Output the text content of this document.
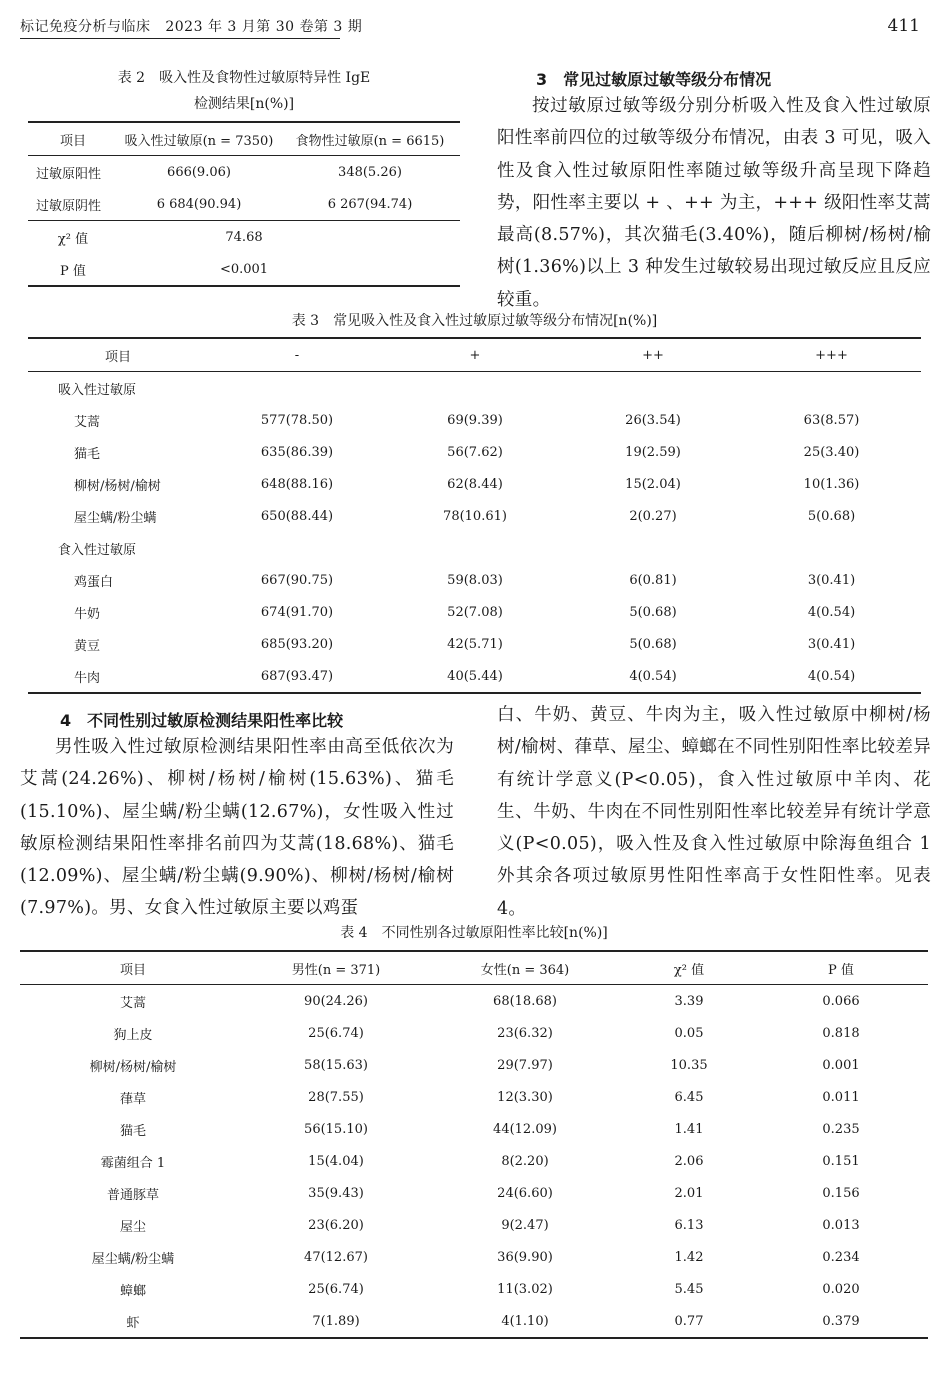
标记免疫分析与临床 2023 年 3 月第 30 卷第 3 期	411
表 2　吸入性及食物性过敏原特异性 IgE
检测结果[n(%)]
项目	吸入性过敏原(n = 7350)	食物性过敏原(n = 6615)
过敏原阳性	666(9.06)	348(5.26)
过敏原阴性	6 684(90.94)	6 267(94.74)
χ² 值	74.68	
P 值	<0.001	
3　常见过敏原过敏等级分布情况

按过敏原过敏等级分别分析吸入性及食入性过敏原阳性率前四位的过敏等级分布情况，由表 3 可见，吸入性及食入性过敏原阳性率随过敏等级升高呈现下降趋势，阳性率主要以 + 、++ 为主，+++ 级阳性率艾蒿最高(8.57%)，其次猫毛(3.40%)，随后柳树/杨树/榆树(1.36%)以上 3 种发生过敏较易出现过敏反应且反应较重。

表 3　常见吸入性及食入性过敏原过敏等级分布情况[n(%)]
项目	-	+	++	+++
吸入性过敏原				
艾蒿	577(78.50)	69(9.39)	26(3.54)	63(8.57)
猫毛	635(86.39)	56(7.62)	19(2.59)	25(3.40)
柳树/杨树/榆树	648(88.16)	62(8.44)	15(2.04)	10(1.36)
屋尘螨/粉尘螨	650(88.44)	78(10.61)	2(0.27)	5(0.68)
食入性过敏原				
鸡蛋白	667(90.75)	59(8.03)	6(0.81)	3(0.41)
牛奶	674(91.70)	52(7.08)	5(0.68)	4(0.54)
黄豆	685(93.20)	42(5.71)	5(0.68)	3(0.41)
牛肉	687(93.47)	40(5.44)	4(0.54)	4(0.54)
4　不同性别过敏原检测结果阳性率比较

男性吸入性过敏原检测结果阳性率由高至低依次为艾蒿(24.26%)、柳树/杨树/榆树(15.63%)、猫毛(15.10%)、屋尘螨/粉尘螨(12.67%)，女性吸入性过敏原检测结果阳性率排名前四为艾蒿(18.68%)、猫毛(12.09%)、屋尘螨/粉尘螨(9.90%)、柳树/杨树/榆树(7.97%)。男、女食入性过敏原主要以鸡蛋

白、牛奶、黄豆、牛肉为主，吸入性过敏原中柳树/杨树/榆树、葎草、屋尘、蟑螂在不同性别阳性率比较差异有统计学意义(P<0.05)，食入性过敏原中羊肉、花生、牛奶、牛肉在不同性别阳性率比较差异有统计学意义(P<0.05)，吸入性及食入性过敏原中除海鱼组合 1 外其余各项过敏原男性阳性率高于女性阳性率。见表 4。

表 4　不同性别各过敏原阳性率比较[n(%)]
项目	男性(n = 371)	女性(n = 364)	χ² 值	P 值
艾蒿	90(24.26)	68(18.68)	3.39	0.066
狗上皮	25(6.74)	23(6.32)	0.05	0.818
柳树/杨树/榆树	58(15.63)	29(7.97)	10.35	0.001
葎草	28(7.55)	12(3.30)	6.45	0.011
猫毛	56(15.10)	44(12.09)	1.41	0.235
霉菌组合 1	15(4.04)	8(2.20)	2.06	0.151
普通豚草	35(9.43)	24(6.60)	2.01	0.156
屋尘	23(6.20)	9(2.47)	6.13	0.013
屋尘螨/粉尘螨	47(12.67)	36(9.90)	1.42	0.234
蟑螂	25(6.74)	11(3.02)	5.45	0.020
虾	7(1.89)	4(1.10)	0.77	0.379
